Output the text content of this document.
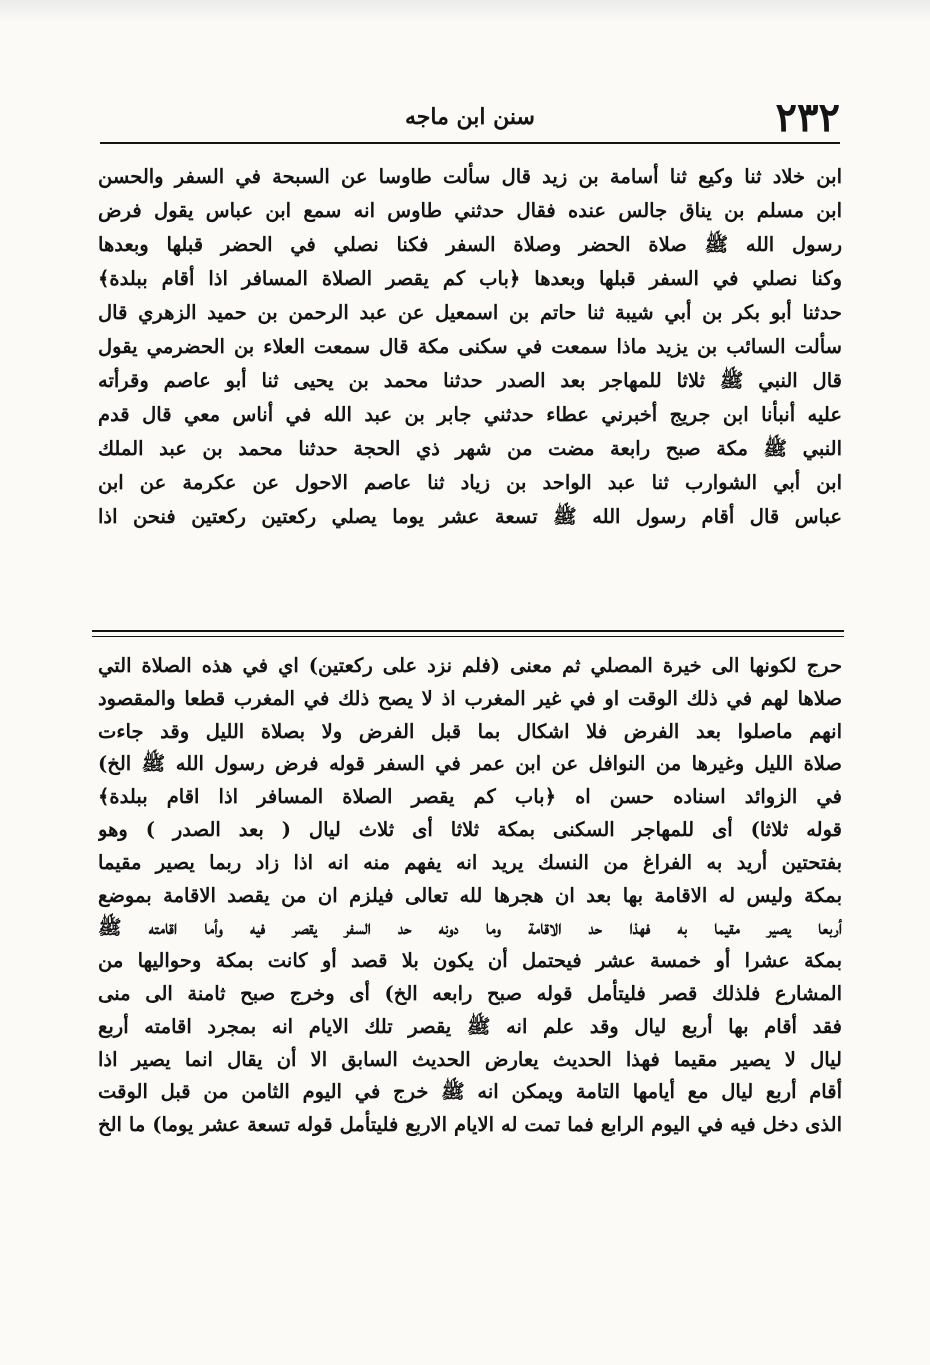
سنن ابن ماجه	٢٣٢
ابن خلاد ثنا وكيع ثنا أسامة بن زيد قال سألت طاوسا عن السبحة في السفر والحسن
ابن مسلم بن يناق جالس عنده فقال حدثني طاوس انه سمع ابن عباس يقول فرض
رسول الله ﷺ صلاة الحضر وصلاة السفر فكنا نصلي في الحضر قبلها وبعدها
وكنا نصلي في السفر قبلها وبعدها ﴿باب كم يقصر الصلاة المسافر اذا أقام ببلدة﴾
حدثنا أبو بكر بن أبي شيبة ثنا حاتم بن اسمعيل عن عبد الرحمن بن حميد الزهري قال
سألت السائب بن يزيد ماذا سمعت في سكنى مكة قال سمعت العلاء بن الحضرمي يقول
قال النبي ﷺ ثلاثا للمهاجر بعد الصدر حدثنا محمد بن يحيى ثنا أبو عاصم وقرأته
عليه أنبأنا ابن جريج أخبرني عطاء حدثني جابر بن عبد الله في أناس معي قال قدم
النبي ﷺ مكة صبح رابعة مضت من شهر ذي الحجة حدثنا محمد بن عبد الملك
ابن أبي الشوارب ثنا عبد الواحد بن زياد ثنا عاصم الاحول عن عكرمة عن ابن
عباس قال أقام رسول الله ﷺ تسعة عشر يوما يصلي ركعتين ركعتين فنحن اذا
حرج لكونها الى خيرة المصلي ثم معنى (فلم نزد على ركعتين) اي في هذه الصلاة التي
صلاها لهم في ذلك الوقت او في غير المغرب اذ لا يصح ذلك في المغرب قطعا والمقصود
انهم ماصلوا بعد الفرض فلا اشكال بما قبل الفرض ولا بصلاة الليل وقد جاءت
صلاة الليل وغيرها من النوافل عن ابن عمر في السفر قوله فرض رسول الله ﷺ الخ)
في الزوائد اسناده حسن اه ﴿باب كم يقصر الصلاة المسافر اذا اقام ببلدة﴾
قوله ثلاثا) أى للمهاجر السكنى بمكة ثلاثا أى ثلاث ليال ( بعد الصدر ) وهو
بفتحتين أريد به الفراغ من النسك يريد انه يفهم منه انه اذا زاد ربما يصير مقيما
بمكة وليس له الاقامة بها بعد ان هجرها لله تعالى فيلزم ان من يقصد الاقامة بموضع
أربعا يصير مقيما به فهذا حد الاقامة وما دونه حد السفر يقصر فيه وأما اقامته ﷺ
بمكة عشرا أو خمسة عشر فيحتمل أن يكون بلا قصد أو كانت بمكة وحواليها من
المشارع فلذلك قصر فليتأمل قوله صبح رابعه الخ) أى وخرج صبح ثامنة الى منى
فقد أقام بها أربع ليال وقد علم انه ﷺ يقصر تلك الايام انه بمجرد اقامته أربع
ليال لا يصير مقيما فهذا الحديث يعارض الحديث السابق الا أن يقال انما يصير اذا
أقام أربع ليال مع أيامها التامة ويمكن انه ﷺ خرج في اليوم الثامن من قبل الوقت
الذى دخل فيه في اليوم الرابع فما تمت له الايام الاربع فليتأمل قوله تسعة عشر يوما) ما الخ
